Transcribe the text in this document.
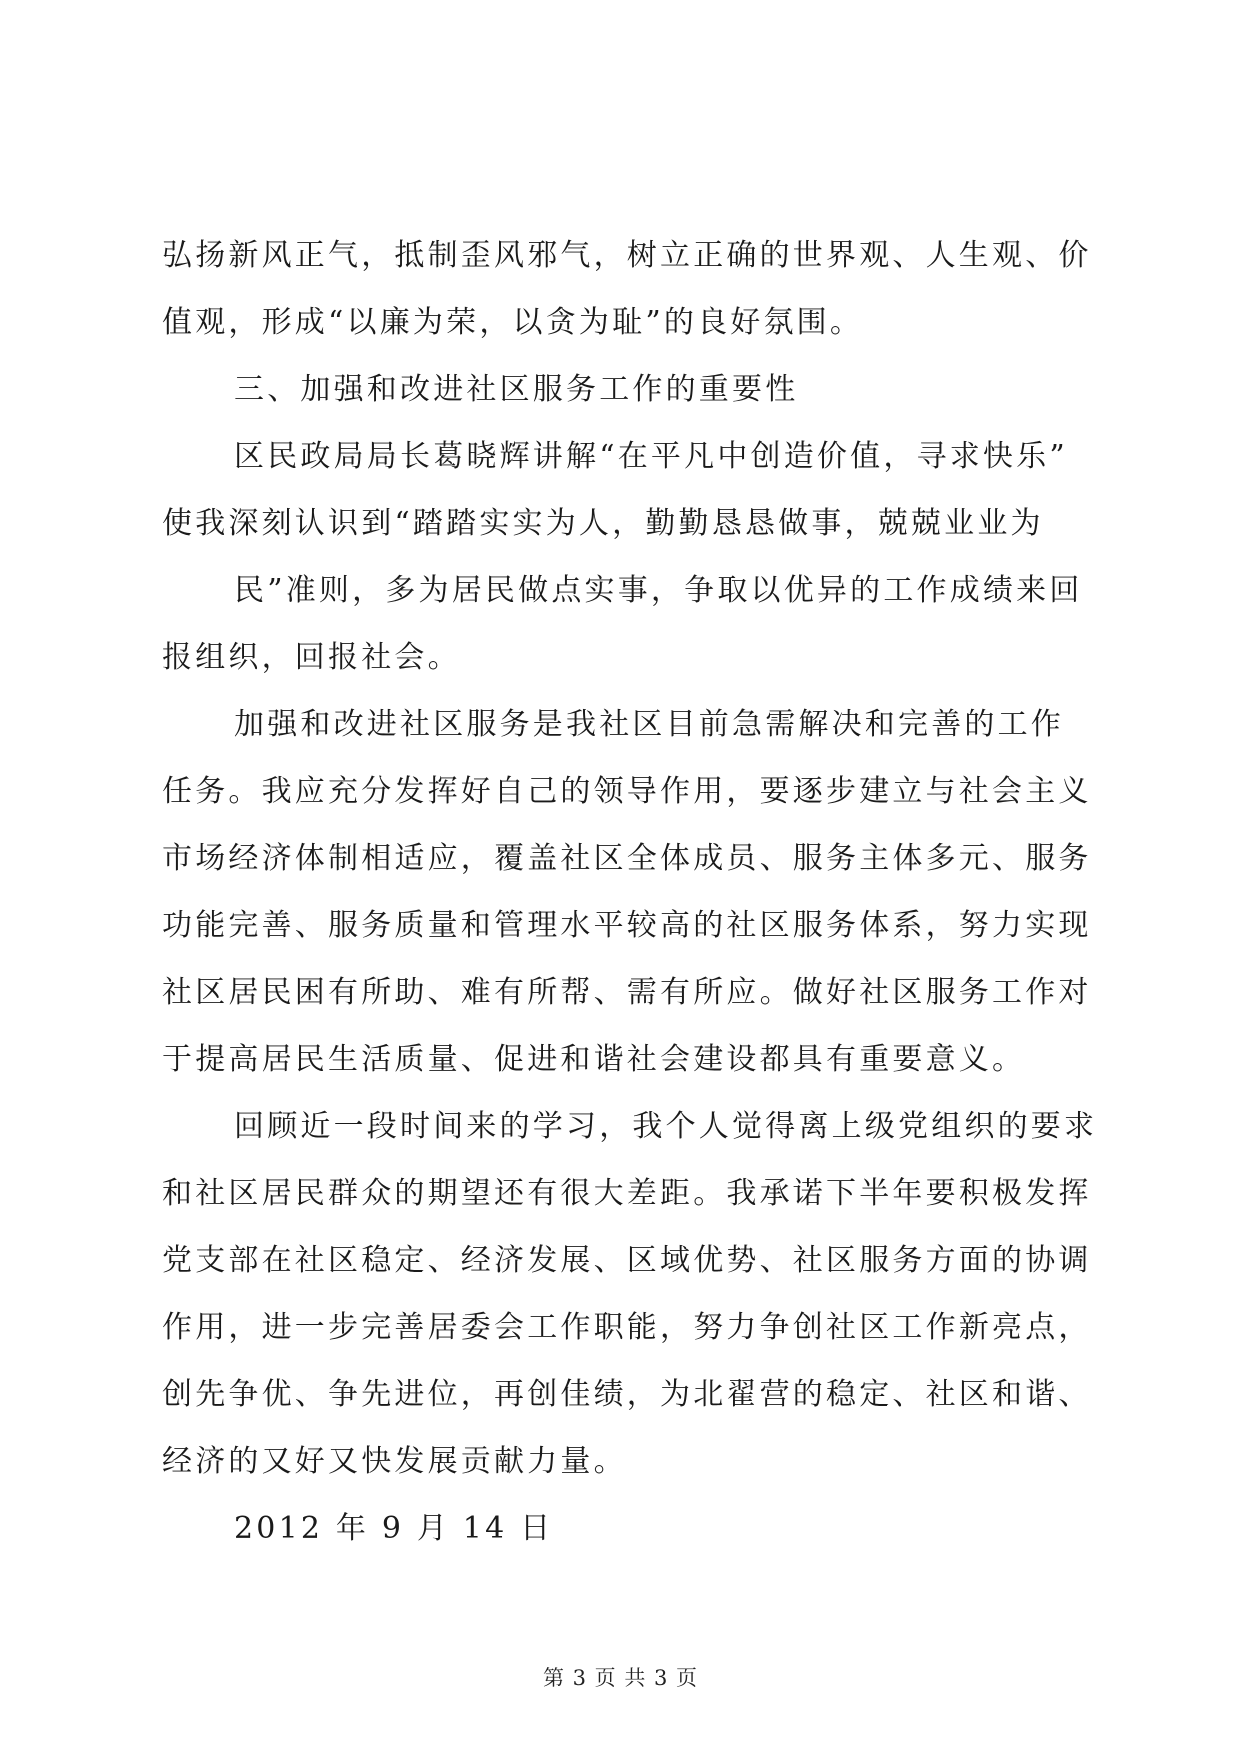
弘扬新风正气，抵制歪风邪气，树立正确的世界观、人生观、价
值观，形成“以廉为荣，以贪为耻”的良好氛围。
三、加强和改进社区服务工作的重要性
区民政局局长葛晓辉讲解“在平凡中创造价值，寻求快乐”
使我深刻认识到“踏踏实实为人，勤勤恳恳做事，兢兢业业为
民”准则，多为居民做点实事，争取以优异的工作成绩来回
报组织，回报社会。
加强和改进社区服务是我社区目前急需解决和完善的工作
任务。我应充分发挥好自己的领导作用，要逐步建立与社会主义
市场经济体制相适应，覆盖社区全体成员、服务主体多元、服务
功能完善、服务质量和管理水平较高的社区服务体系，努力实现
社区居民困有所助、难有所帮、需有所应。做好社区服务工作对
于提高居民生活质量、促进和谐社会建设都具有重要意义。
回顾近一段时间来的学习，我个人觉得离上级党组织的要求
和社区居民群众的期望还有很大差距。我承诺下半年要积极发挥
党支部在社区稳定、经济发展、区域优势、社区服务方面的协调
作用，进一步完善居委会工作职能，努力争创社区工作新亮点，
创先争优、争先进位，再创佳绩，为北翟营的稳定、社区和谐、
经济的又好又快发展贡献力量。
2012 年 9 月 14 日
第 3 页 共 3 页
